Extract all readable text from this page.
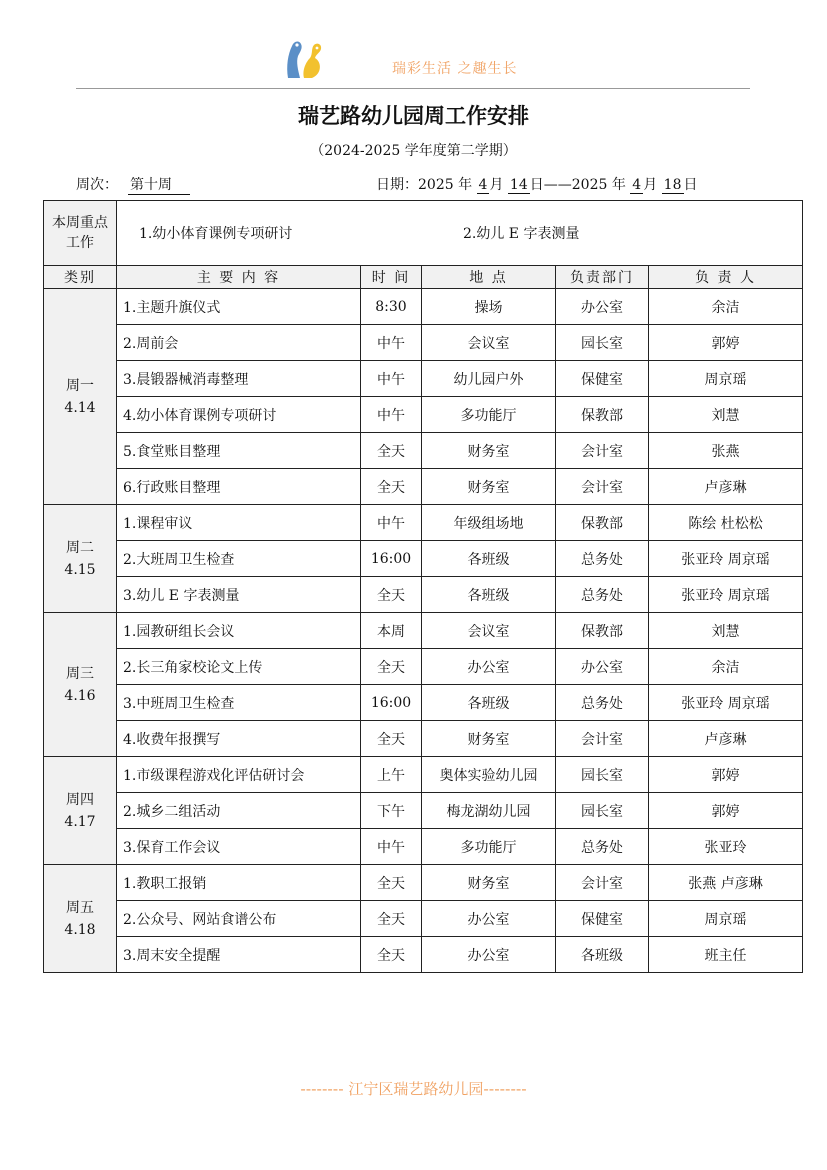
瑞彩生活 之趣生长
瑞艺路幼儿园周工作安排
（2024-2025 学年度第二学期）
周次： 第十周	日期：2025 年 4 月 14 日——2025 年 4 月 18 日
本周重点工作	1.幼小体育课例专项研讨 2.幼儿 E 字表测量				
类别	主 要 内 容	时 间	地 点	负责部门	负 责 人

周一
4.14	1.主题升旗仪式	8:30	操场	办公室	余洁
	2.周前会	中午	会议室	园长室	郭婷
	3.晨锻器械消毒整理	中午	幼儿园户外	保健室	周京瑶
	4.幼小体育课例专项研讨	中午	多功能厅	保教部	刘慧
	5.食堂账目整理	全天	财务室	会计室	张燕
	6.行政账目整理	全天	财务室	会计室	卢彦琳

周二
4.15	1.课程审议	中午	年级组场地	保教部	陈绘 杜松松
	2.大班周卫生检查	16:00	各班级	总务处	张亚玲 周京瑶
	3.幼儿 E 字表测量	全天	各班级	总务处	张亚玲 周京瑶

周三
4.16	1.园教研组长会议	本周	会议室	保教部	刘慧
	2.长三角家校论文上传	全天	办公室	办公室	余洁
	3.中班周卫生检查	16:00	各班级	总务处	张亚玲 周京瑶
	4.收费年报撰写	全天	财务室	会计室	卢彦琳

周四
4.17	1.市级课程游戏化评估研讨会	上午	奥体实验幼儿园	园长室	郭婷
	2.城乡二组活动	下午	梅龙湖幼儿园	园长室	郭婷
	3.保育工作会议	中午	多功能厅	总务处	张亚玲

周五
4.18	1.教职工报销	全天	财务室	会计室	张燕 卢彦琳
	2.公众号、网站食谱公布	全天	办公室	保健室	周京瑶
	3.周末安全提醒	全天	办公室	各班级	班主任
-------- 江宁区瑞艺路幼儿园--------
